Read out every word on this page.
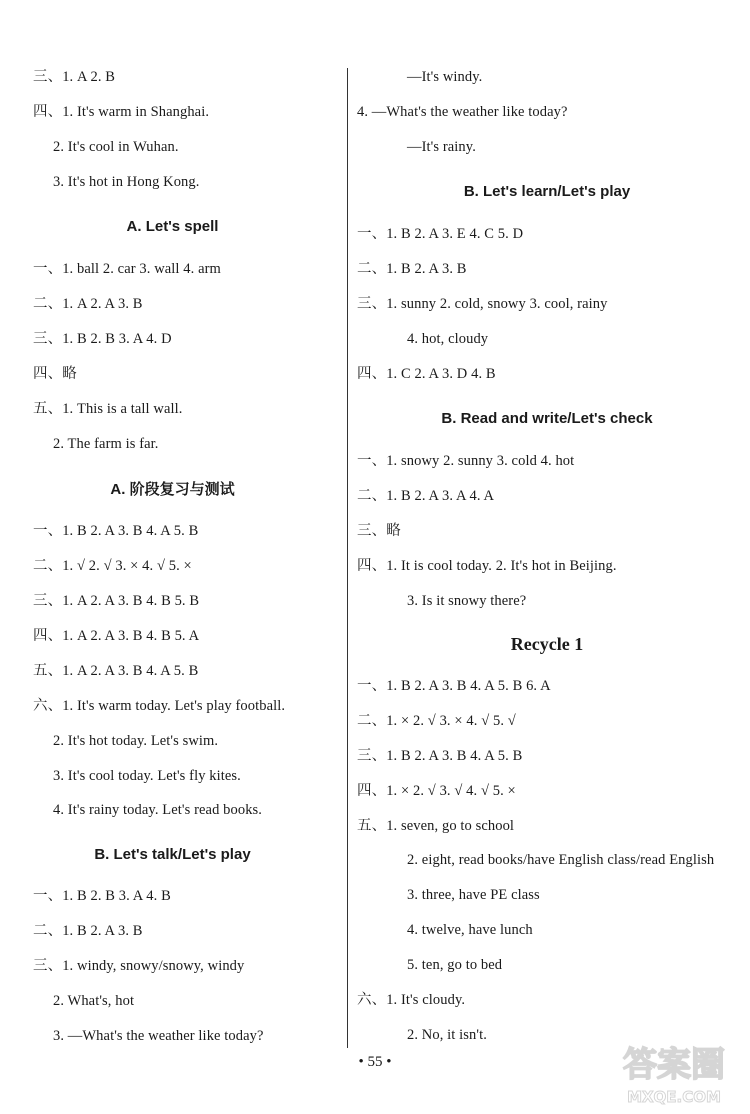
三、1. A 2. B
四、1. It's warm in Shanghai.
2. It's cool in Wuhan.
3. It's hot in Hong Kong.
A. Let's spell
一、1. ball 2. car 3. wall 4. arm
二、1. A 2. A 3. B
三、1. B 2. B 3. A 4. D
四、略
五、1. This is a tall wall.
2. The farm is far.
A. 阶段复习与测试
一、1. B 2. A 3. B 4. A 5. B
二、1. √ 2. √ 3. × 4. √ 5. ×
三、1. A 2. A 3. B 4. B 5. B
四、1. A 2. A 3. B 4. B 5. A
五、1. A 2. A 3. B 4. A 5. B
六、1. It's warm today. Let's play football.
2. It's hot today. Let's swim.
3. It's cool today. Let's fly kites.
4. It's rainy today. Let's read books.
B. Let's talk/Let's play
一、1. B 2. B 3. A 4. B
二、1. B 2. A 3. B
三、1. windy, snowy/snowy, windy
2. What's, hot
3. —What's the weather like today?
—It's windy.
4. —What's the weather like today?
—It's rainy.
B. Let's learn/Let's play
一、1. B 2. A 3. E 4. C 5. D
二、1. B 2. A 3. B
三、1. sunny 2. cold, snowy 3. cool, rainy
4. hot, cloudy
四、1. C 2. A 3. D 4. B
B. Read and write/Let's check
一、1. snowy 2. sunny 3. cold 4. hot
二、1. B 2. A 3. A 4. A
三、略
四、1. It is cool today. 2. It's hot in Beijing.
3. Is it snowy there?
Recycle 1
一、1. B 2. A 3. B 4. A 5. B 6. A
二、1. × 2. √ 3. × 4. √ 5. √
三、1. B 2. A 3. B 4. A 5. B
四、1. × 2. √ 3. √ 4. √ 5. ×
五、1. seven, go to school
2. eight, read books/have English class/read English
3. three, have PE class
4. twelve, have lunch
5. ten, go to bed
六、1. It's cloudy.
2. No, it isn't.
• 55 •	答案圈
MXQE.COM
